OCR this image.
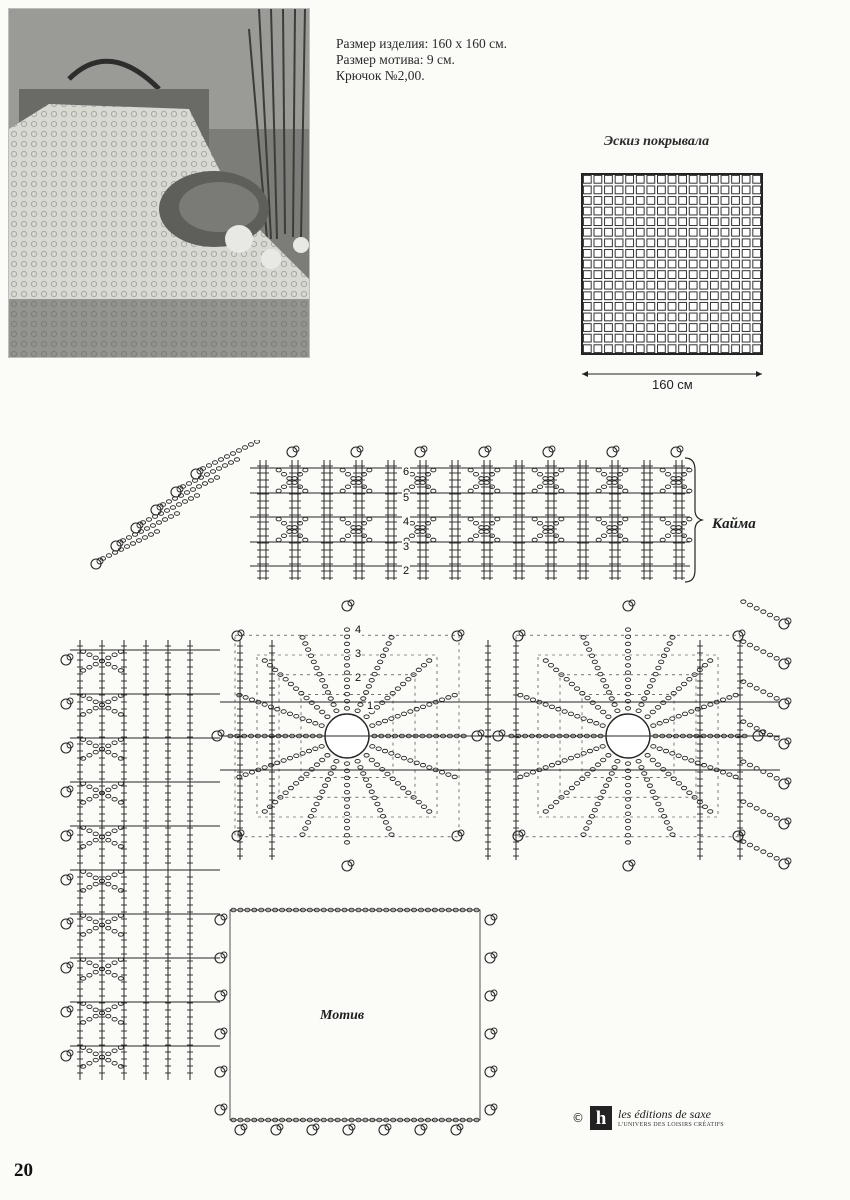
Размер изделия: 160 х 160 см.
Размер мотива: 9 см.
Крючок №2,00.
Эскиз покрывала
160 см
6
5
4
3
2
4
3
2
1
Кайма
Мотив
20
© h les éditions de saxe
L'UNIVERS DES LOISIRS CRÉATIFS
